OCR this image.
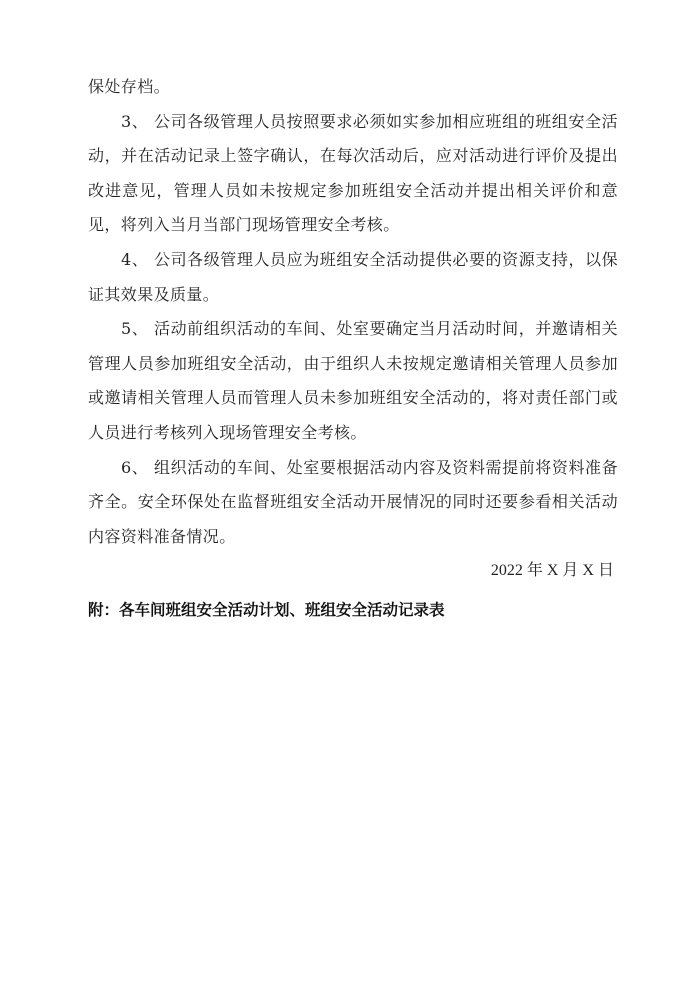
保处存档。

3、 公司各级管理人员按照要求必须如实参加相应班组的班组安全活动，并在活动记录上签字确认，在每次活动后，应对活动进行评价及提出改进意见，管理人员如未按规定参加班组安全活动并提出相关评价和意见，将列入当月当部门现场管理安全考核。

4、 公司各级管理人员应为班组安全活动提供必要的资源支持，以保证其效果及质量。

5、 活动前组织活动的车间、处室要确定当月活动时间，并邀请相关管理人员参加班组安全活动，由于组织人未按规定邀请相关管理人员参加或邀请相关管理人员而管理人员未参加班组安全活动的，将对责任部门或人员进行考核列入现场管理安全考核。

6、 组织活动的车间、处室要根据活动内容及资料需提前将资料准备齐全。安全环保处在监督班组安全活动开展情况的同时还要参看相关活动内容资料准备情况。

2022 年 X 月 X 日

附：各车间班组安全活动计划、班组安全活动记录表
